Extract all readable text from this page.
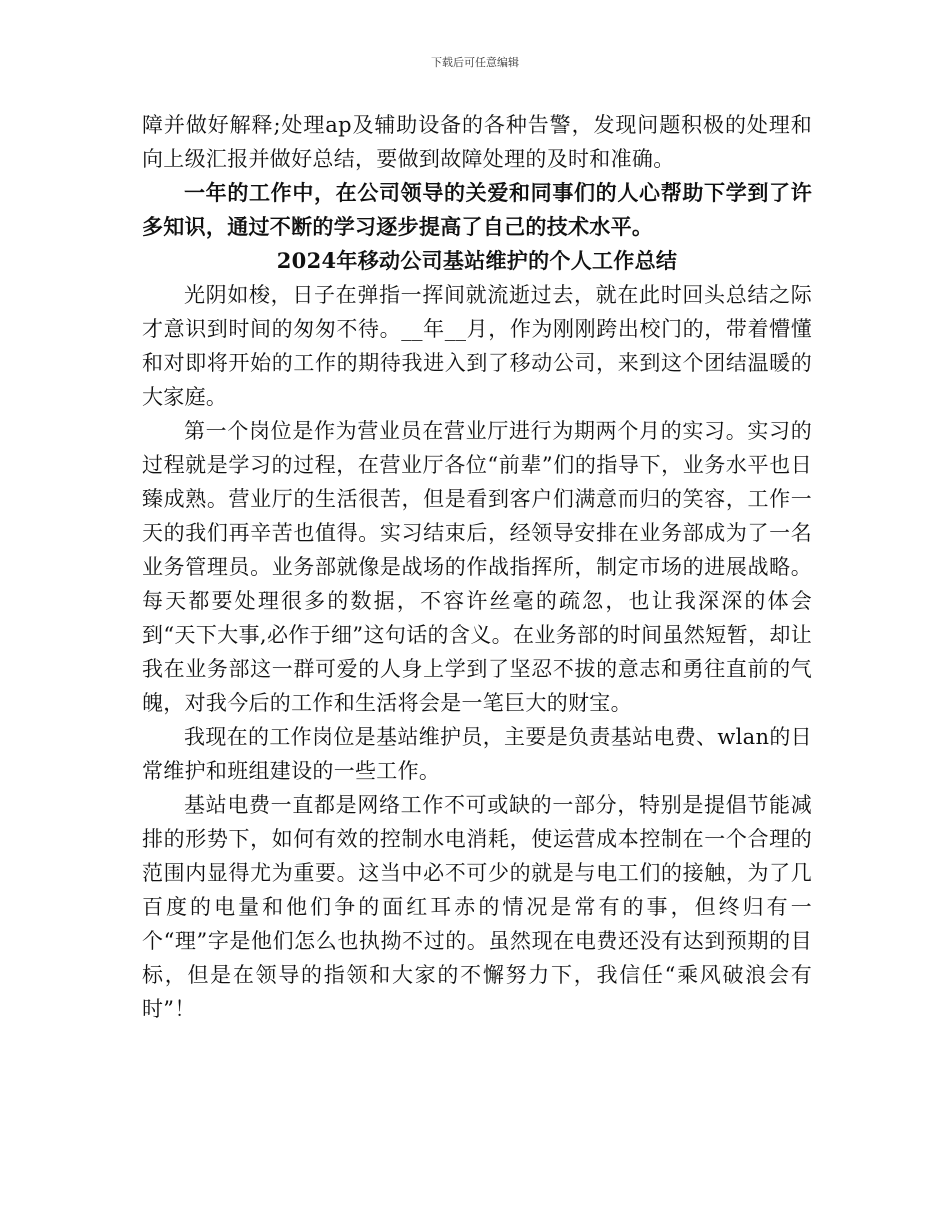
下载后可任意编辑

障并做好解释;处理ap及辅助设备的各种告警，发现问题积极的处理和向上级汇报并做好总结，要做到故障处理的及时和准确。

一年的工作中，在公司领导的关爱和同事们的人心帮助下学到了许多知识，通过不断的学习逐步提高了自己的技术水平。

2024年移动公司基站维护的个人工作总结

光阴如梭，日子在弹指一挥间就流逝过去，就在此时回头总结之际才意识到时间的匆匆不待。__年__月，作为刚刚跨出校门的，带着懵懂和对即将开始的工作的期待我进入到了移动公司，来到这个团结温暖的大家庭。

第一个岗位是作为营业员在营业厅进行为期两个月的实习。实习的过程就是学习的过程，在营业厅各位“前辈”们的指导下，业务水平也日臻成熟。营业厅的生活很苦，但是看到客户们满意而归的笑容，工作一天的我们再辛苦也值得。实习结束后，经领导安排在业务部成为了一名业务管理员。业务部就像是战场的作战指挥所，制定市场的进展战略。每天都要处理很多的数据，不容许丝毫的疏忽，也让我深深的体会到“天下大事,必作于细”这句话的含义。在业务部的时间虽然短暂，却让我在业务部这一群可爱的人身上学到了坚忍不拔的意志和勇往直前的气魄，对我今后的工作和生活将会是一笔巨大的财宝。

我现在的工作岗位是基站维护员，主要是负责基站电费、wlan的日常维护和班组建设的一些工作。

基站电费一直都是网络工作不可或缺的一部分，特别是提倡节能减排的形势下，如何有效的控制水电消耗，使运营成本控制在一个合理的范围内显得尤为重要。这当中必不可少的就是与电工们的接触，为了几百度的电量和他们争的面红耳赤的情况是常有的事，但终归有一个“理”字是他们怎么也执拗不过的。虽然现在电费还没有达到预期的目标，但是在领导的指领和大家的不懈努力下，我信任“乘风破浪会有时”！
